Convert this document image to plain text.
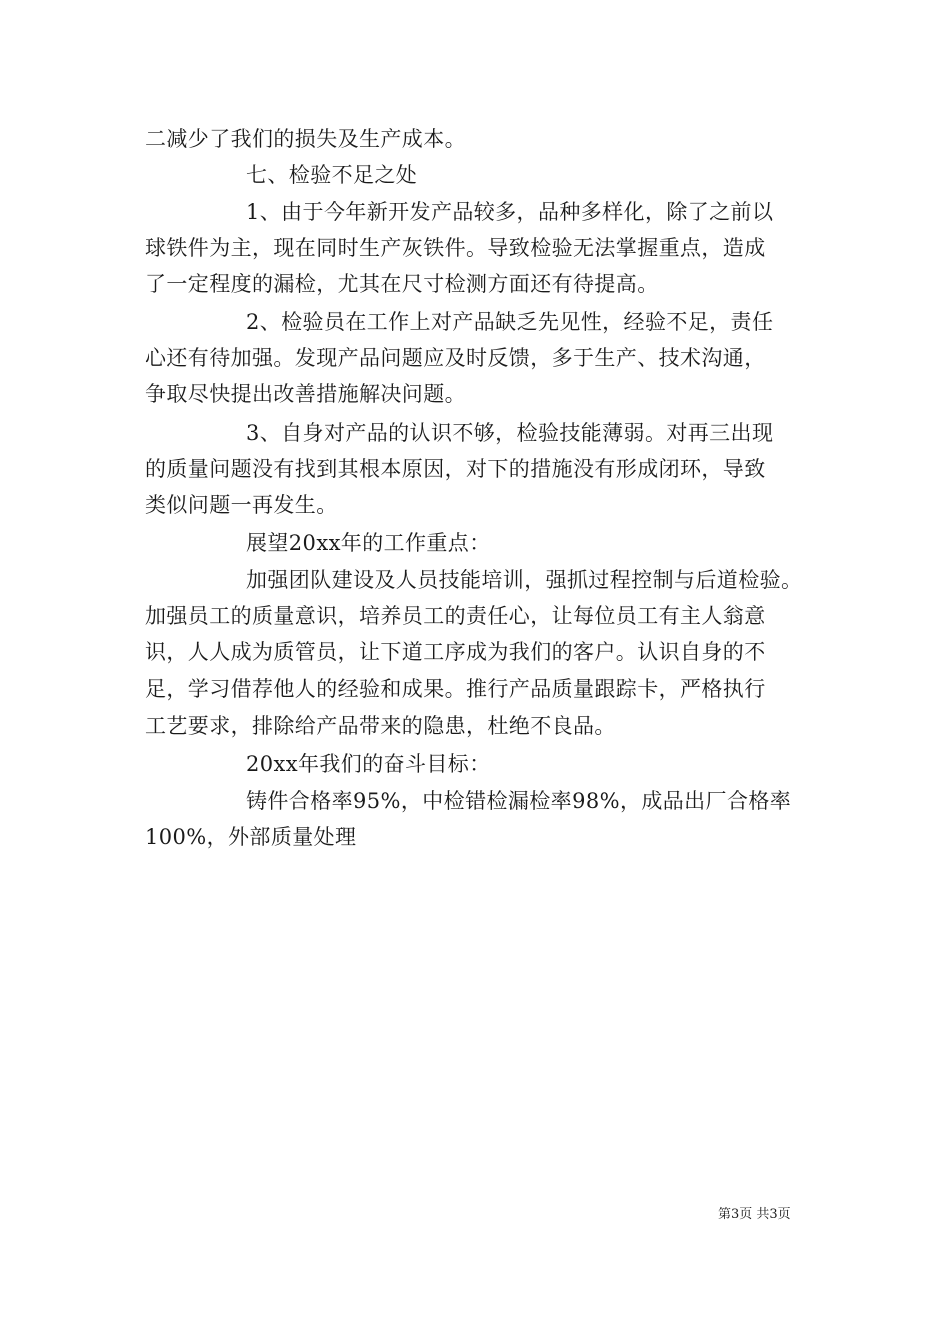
二减少了我们的损失及生产成本。
七、检验不足之处
1、由于今年新开发产品较多，品种多样化，除了之前以
球铁件为主，现在同时生产灰铁件。导致检验无法掌握重点，造成
了一定程度的漏检，尤其在尺寸检测方面还有待提高。
2、检验员在工作上对产品缺乏先见性，经验不足，责任
心还有待加强。发现产品问题应及时反馈，多于生产、技术沟通，
争取尽快提出改善措施解决问题。
3、自身对产品的认识不够，检验技能薄弱。对再三出现
的质量问题没有找到其根本原因，对下的措施没有形成闭环，导致
类似问题一再发生。
展望20xx年的工作重点：
加强团队建设及人员技能培训，强抓过程控制与后道检验。
加强员工的质量意识，培养员工的责任心，让每位员工有主人翁意
识，人人成为质管员，让下道工序成为我们的客户。认识自身的不
足，学习借荐他人的经验和成果。推行产品质量跟踪卡，严格执行
工艺要求，排除给产品带来的隐患，杜绝不良品。
20xx年我们的奋斗目标：
铸件合格率95%，中检错检漏检率98%，成品出厂合格率
100%，外部质量处理
第3页 共3页
